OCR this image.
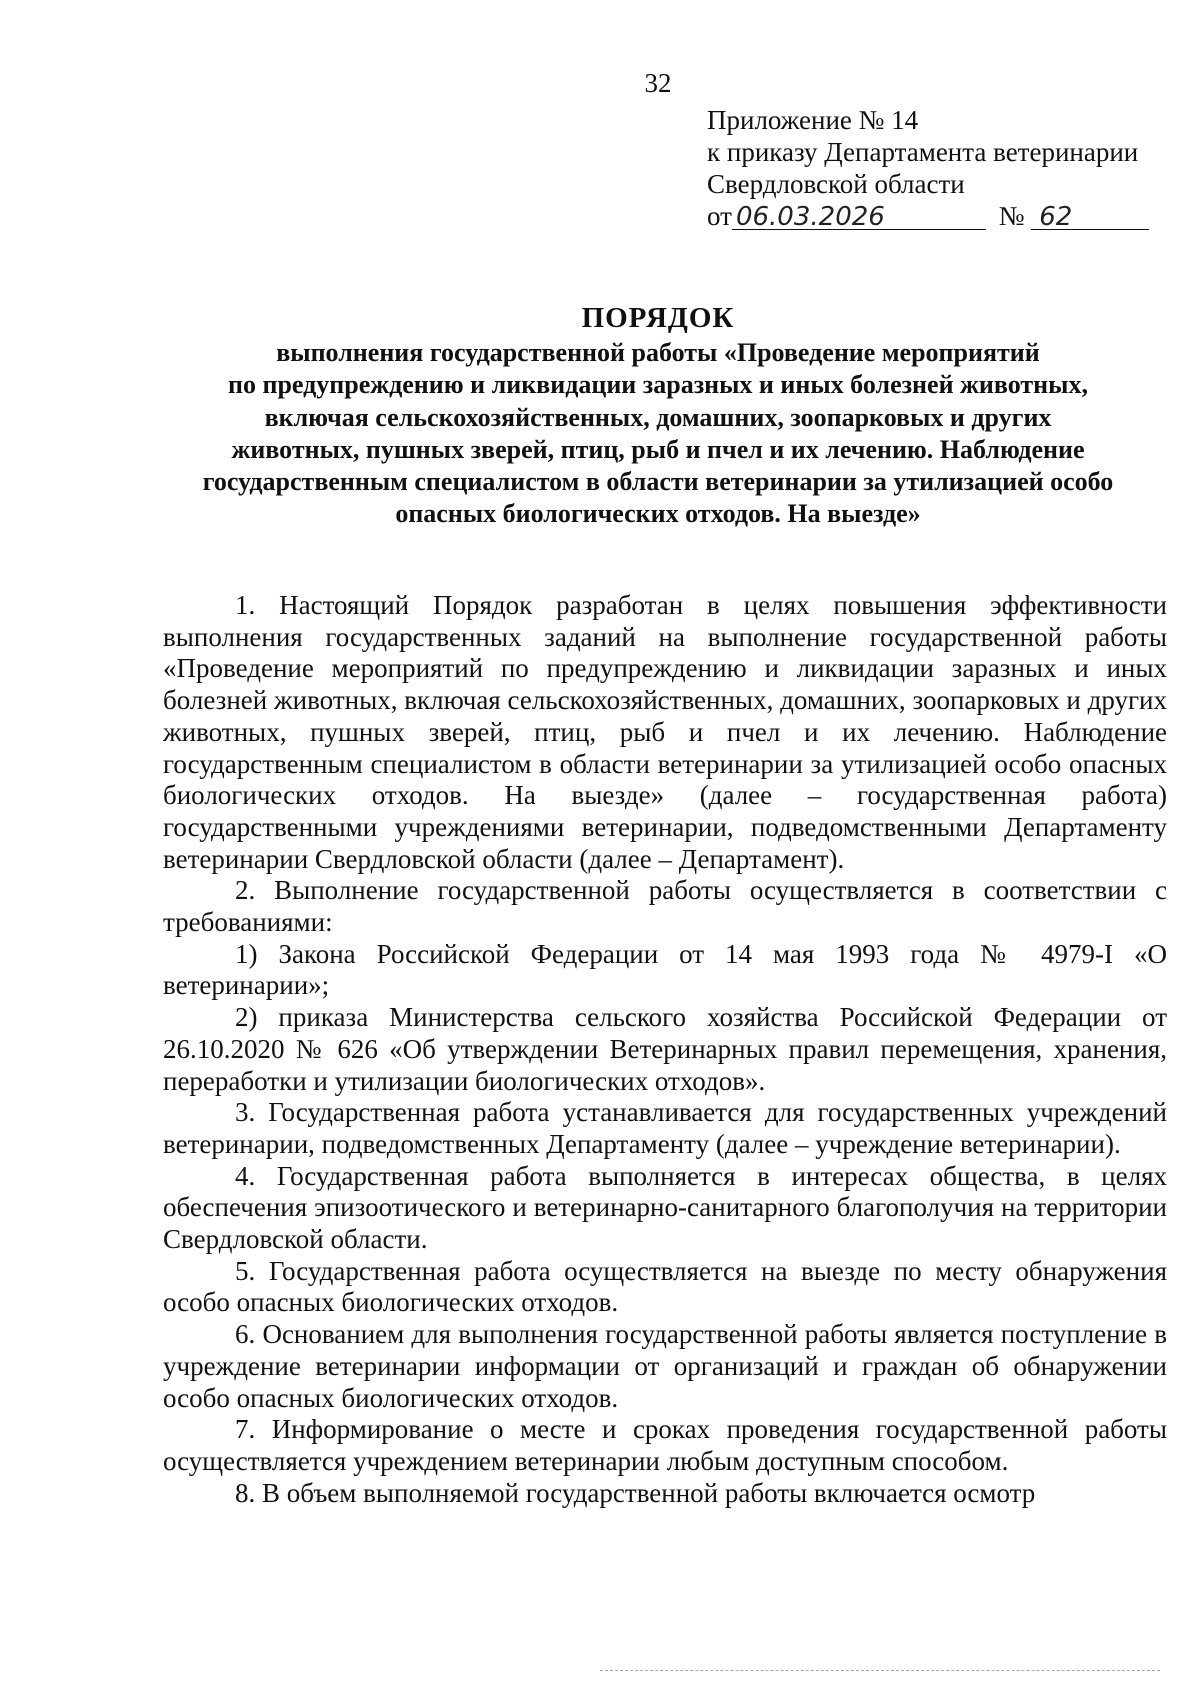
32
Приложение № 14
к приказу Департамента ветеринарии
Свердловской области
от 06.03.2026	№ 62
ПОРЯДОК
выполнения государственной работы «Проведение мероприятий
по предупреждению и ликвидации заразных и иных болезней животных,
включая сельскохозяйственных, домашних, зоопарковых и других
животных, пушных зверей, птиц, рыб и пчел и их лечению. Наблюдение
государственным специалистом в области ветеринарии за утилизацией особо
опасных биологических отходов. На выезде»

1. Настоящий Порядок разработан в целях повышения эффективности выполнения государственных заданий на выполнение государственной работы «Проведение мероприятий по предупреждению и ликвидации заразных и иных болезней животных, включая сельскохозяйственных, домашних, зоопарковых и других животных, пушных зверей, птиц, рыб и пчел и их лечению. Наблюдение государственным специалистом в области ветеринарии за утилизацией особо опасных биологических отходов. На выезде» (далее – государственная работа) государственными учреждениями ветеринарии, подведомственными Департаменту ветеринарии Свердловской области (далее – Департамент).

2. Выполнение государственной работы осуществляется в соответствии с требованиями:

1) Закона Российской Федерации от 14 мая 1993 года № 4979-I «О ветеринарии»;

2) приказа Министерства сельского хозяйства Российской Федерации от 26.10.2020 № 626 «Об утверждении Ветеринарных правил перемещения, хранения, переработки и утилизации биологических отходов».

3. Государственная работа устанавливается для государственных учреждений ветеринарии, подведомственных Департаменту (далее – учреждение ветеринарии).

4. Государственная работа выполняется в интересах общества, в целях обеспечения эпизоотического и ветеринарно-санитарного благополучия на территории Свердловской области.

5. Государственная работа осуществляется на выезде по месту обнаружения особо опасных биологических отходов.

6. Основанием для выполнения государственной работы является поступление в учреждение ветеринарии информации от организаций и граждан об обнаружении особо опасных биологических отходов.

7. Информирование о месте и сроках проведения государственной работы осуществляется учреждением ветеринарии любым доступным способом.

8. В объем выполняемой государственной работы включается осмотр
